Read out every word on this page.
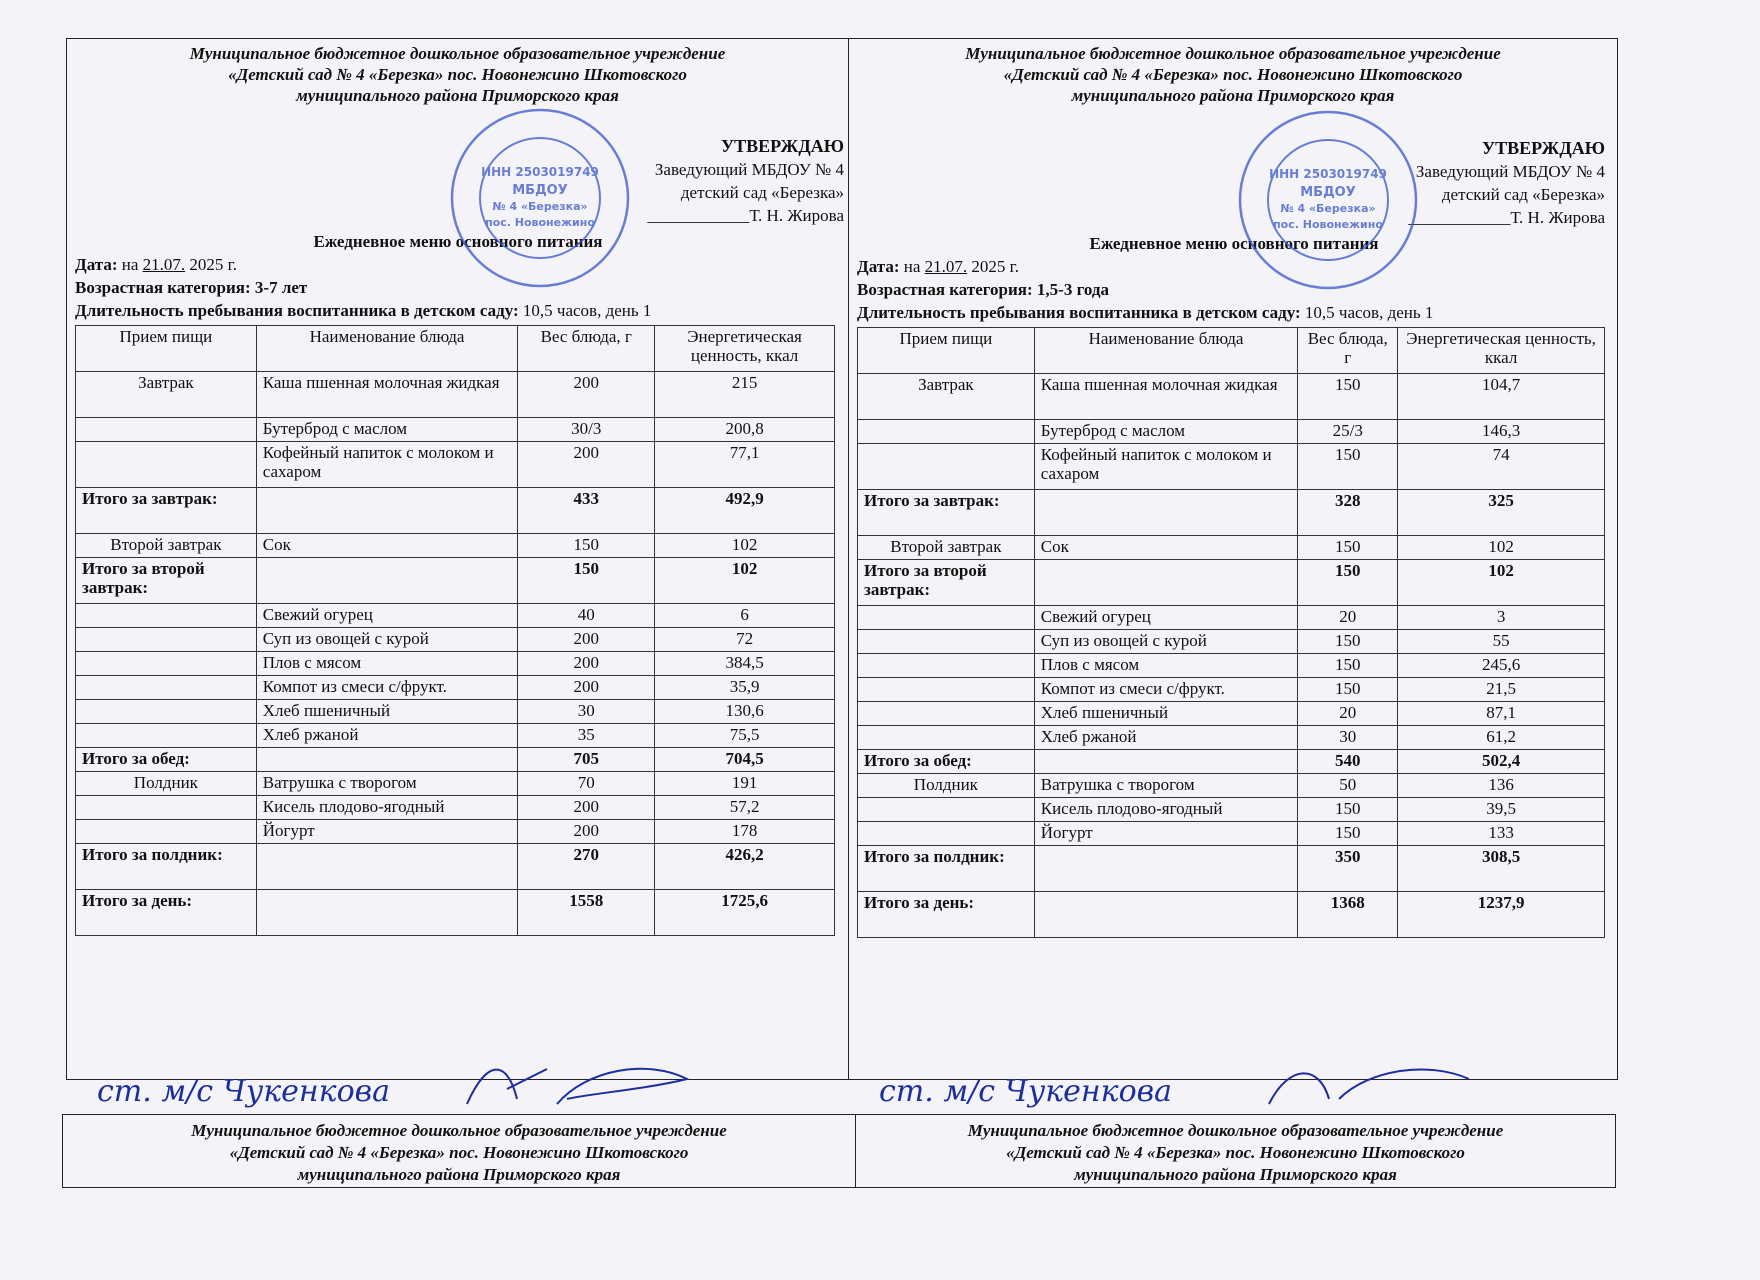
Муниципальное бюджетное дошкольное образовательное учреждение
«Детский сад № 4 «Березка» пос. Новонежино Шкотовского
муниципального района Приморского края
УТВЕРЖДАЮ
Заведующий МБДОУ № 4
детский сад «Березка»
____________Т. Н. Жирова
Ежедневное меню основного питания
Дата: на 21.07. 2025 г.
Возрастная категория: 3-7 лет
Длительность пребывания воспитанника в детском саду: 10,5 часов, день 1
Прием пищи	Наименование блюда	Вес блюда, г	Энергетическая ценность, ккал
Завтрак	Каша пшенная молочная жидкая	200	215
	Бутерброд с маслом	30/3	200,8
	Кофейный напиток с молоком и сахаром	200	77,1
Итого за завтрак:		433	492,9
Второй завтрак	Сок	150	102
Итого за второй завтрак:		150	102
	Свежий огурец	40	6
	Суп из овощей с курой	200	72
	Плов с мясом	200	384,5
	Компот из смеси с/фрукт.	200	35,9
	Хлеб пшеничный	30	130,6
	Хлеб ржаной	35	75,5
Итого за обед:		705	704,5
Полдник	Ватрушка с творогом	70	191
	Кисель плодово-ягодный	200	57,2
	Йогурт	200	178
Итого за полдник:		270	426,2
Итого за день:		1558	1725,6
ст. м/с Чукенкова
Муниципальное бюджетное дошкольное образовательное учреждение
«Детский сад № 4 «Березка» пос. Новонежино Шкотовского
муниципального района Приморского края
УТВЕРЖДАЮ
Заведующий МБДОУ № 4
детский сад «Березка»
____________Т. Н. Жирова
Ежедневное меню основного питания
Дата: на 21.07. 2025 г.
Возрастная категория: 1,5-3 года
Длительность пребывания воспитанника в детском саду: 10,5 часов, день 1
Прием пищи	Наименование блюда	Вес блюда, г	Энергетическая ценность, ккал
Завтрак	Каша пшенная молочная жидкая	150	104,7
	Бутерброд с маслом	25/3	146,3
	Кофейный напиток с молоком и сахаром	150	74
Итого за завтрак:		328	325
Второй завтрак	Сок	150	102
Итого за второй завтрак:		150	102
	Свежий огурец	20	3
	Суп из овощей с курой	150	55
	Плов с мясом	150	245,6
	Компот из смеси с/фрукт.	150	21,5
	Хлеб пшеничный	20	87,1
	Хлеб ржаной	30	61,2
Итого за обед:		540	502,4
Полдник	Ватрушка с творогом	50	136
	Кисель плодово-ягодный	150	39,5
	Йогурт	150	133
Итого за полдник:		350	308,5
Итого за день:		1368	1237,9
ст. м/с Чукенкова
ИНН 2503019749
МБДОУ
№ 4 «Березка»
пос. Новонежино
ИНН 2503019749
МБДОУ
№ 4 «Березка»
пос. Новонежино
Муниципальное бюджетное дошкольное образовательное учреждение
«Детский сад № 4 «Березка» пос. Новонежино Шкотовского
муниципального района Приморского края
Муниципальное бюджетное дошкольное образовательное учреждение
«Детский сад № 4 «Березка» пос. Новонежино Шкотовского
муниципального района Приморского края
